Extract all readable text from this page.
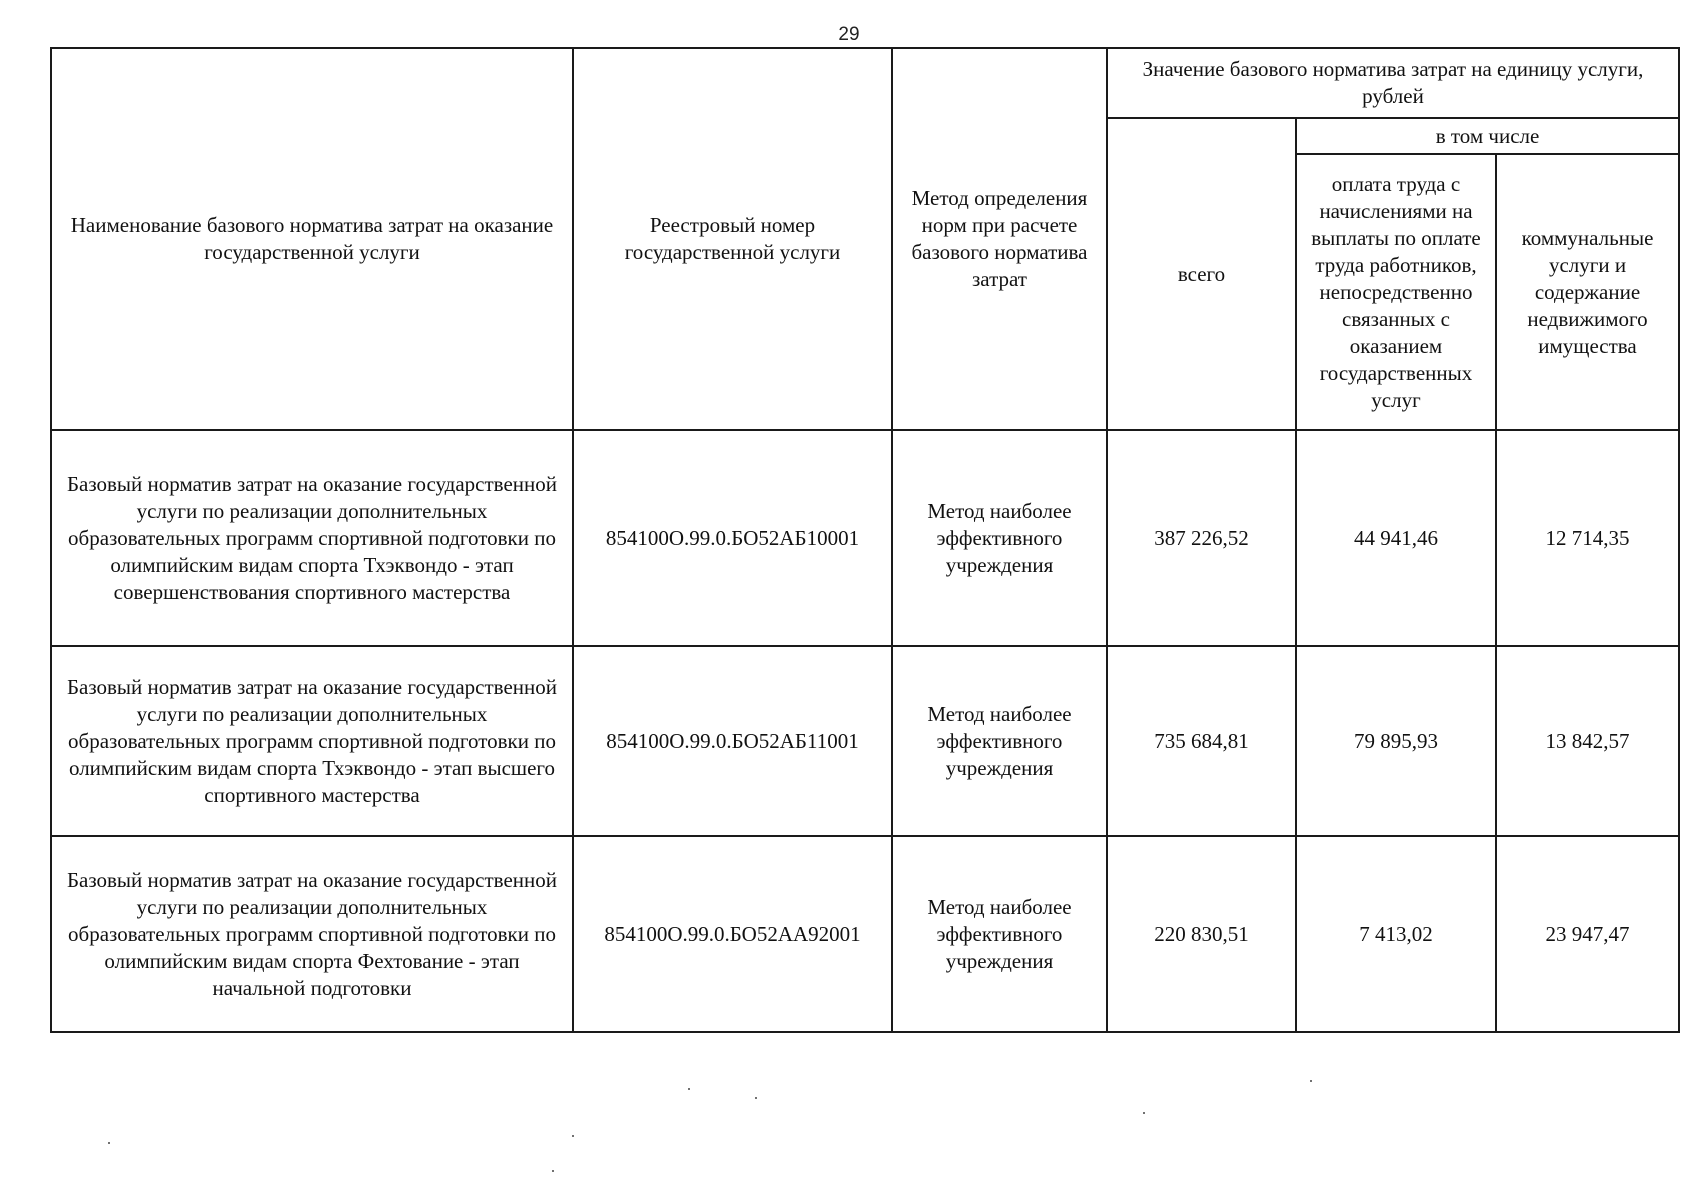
29
Наименование базового норматива затрат на оказание государственной услуги	Реестровый номер государственной услуги	Метод определения норм при расчете базового норматива затрат	Значение базового норматива затрат на единицу услуги, рублей		
			всего	в том числе	
				оплата труда с начислениями на выплаты по оплате труда работников, непосредственно связанных с оказанием государственных услуг	коммунальные услуги и содержание недвижимого имущества
Базовый норматив затрат на оказание государственной услуги по реализации дополнительных образовательных программ спортивной подготовки по олимпийским видам спорта Тхэквондо - этап совершенствования спортивного мастерства	854100О.99.0.БО52АБ10001	Метод наиболее эффективного учреждения	387 226,52	44 941,46	12 714,35
Базовый норматив затрат на оказание государственной услуги по реализации дополнительных образовательных программ спортивной подготовки по олимпийским видам спорта Тхэквондо - этап высшего спортивного мастерства	854100О.99.0.БО52АБ11001	Метод наиболее эффективного учреждения	735 684,81	79 895,93	13 842,57
Базовый норматив затрат на оказание государственной услуги по реализации дополнительных образовательных программ спортивной подготовки по олимпийским видам спорта Фехтование - этап начальной подготовки	854100О.99.0.БО52АА92001	Метод наиболее эффективного учреждения	220 830,51	7 413,02	23 947,47
